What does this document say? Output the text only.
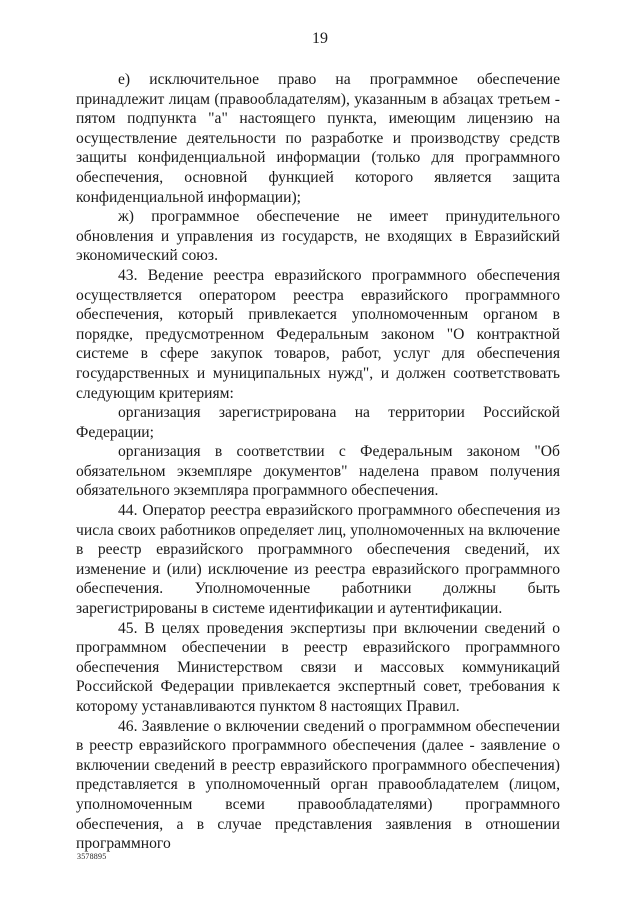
19

е) исключительное право на программное обеспечение принадлежит лицам (правообладателям), указанным в абзацах третьем - пятом подпункта "а" настоящего пункта, имеющим лицензию на осуществление деятельности по разработке и производству средств защиты конфиденциальной информации (только для программного обеспечения, основной функцией которого является защита конфиденциальной информации);

ж) программное обеспечение не имеет принудительного обновления и управления из государств, не входящих в Евразийский экономический союз.

43. Ведение реестра евразийского программного обеспечения осуществляется оператором реестра евразийского программного обеспечения, который привлекается уполномоченным органом в порядке, предусмотренном Федеральным законом "О контрактной системе в сфере закупок товаров, работ, услуг для обеспечения государственных и муниципальных нужд", и должен соответствовать следующим критериям:

организация зарегистрирована на территории Российской Федерации;

организация в соответствии с Федеральным законом "Об обязательном экземпляре документов" наделена правом получения обязательного экземпляра программного обеспечения.

44. Оператор реестра евразийского программного обеспечения из числа своих работников определяет лиц, уполномоченных на включение в реестр евразийского программного обеспечения сведений, их изменение и (или) исключение из реестра евразийского программного обеспечения. Уполномоченные работники должны быть зарегистрированы в системе идентификации и аутентификации.

45. В целях проведения экспертизы при включении сведений о программном обеспечении в реестр евразийского программного обеспечения Министерством связи и массовых коммуникаций Российской Федерации привлекается экспертный совет, требования к которому устанавливаются пунктом 8 настоящих Правил.

46. Заявление о включении сведений о программном обеспечении в реестр евразийского программного обеспечения (далее - заявление о включении сведений в реестр евразийского программного обеспечения) представляется в уполномоченный орган правообладателем (лицом, уполномоченным всеми правообладателями) программного обеспечения, а в случае представления заявления в отношении программного

3578895
